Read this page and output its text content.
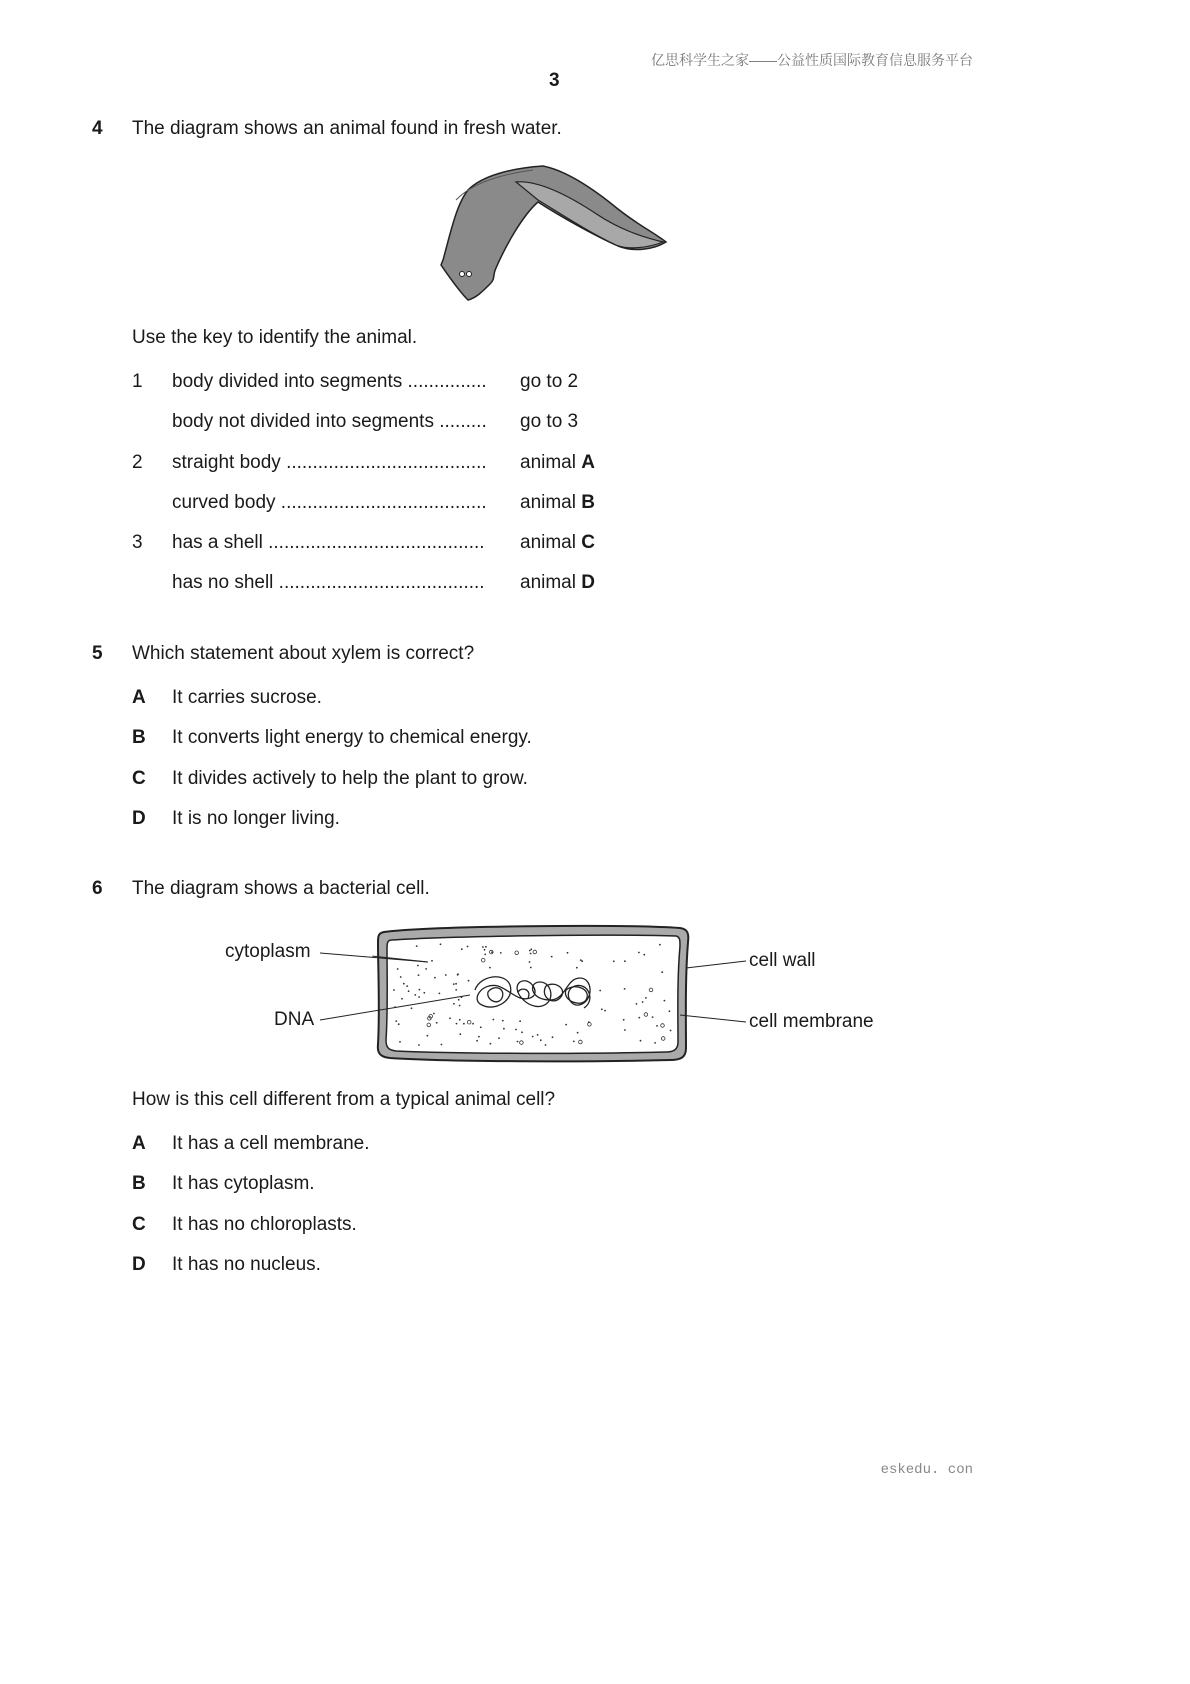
亿思科学生之家——公益性质国际教育信息服务平台
3
4 The diagram shows an animal found in fresh water.
Use the key to identify the animal.
1 body divided into segments ............... go to 2
body not divided into segments ......... go to 3
2 straight body ...................................... animal A
curved body ....................................... animal B
3 has a shell ......................................... animal C
has no shell ....................................... animal D
5 Which statement about xylem is correct?
A It carries sucrose.
B It converts light energy to chemical energy.
C It divides actively to help the plant to grow.
D It is no longer living.
6 The diagram shows a bacterial cell.
cytoplasm
DNA
cell wall
cell membrane
How is this cell different from a typical animal cell?
A It has a cell membrane.
B It has cytoplasm.
C It has no chloroplasts.
D It has no nucleus.
eskedu. con
